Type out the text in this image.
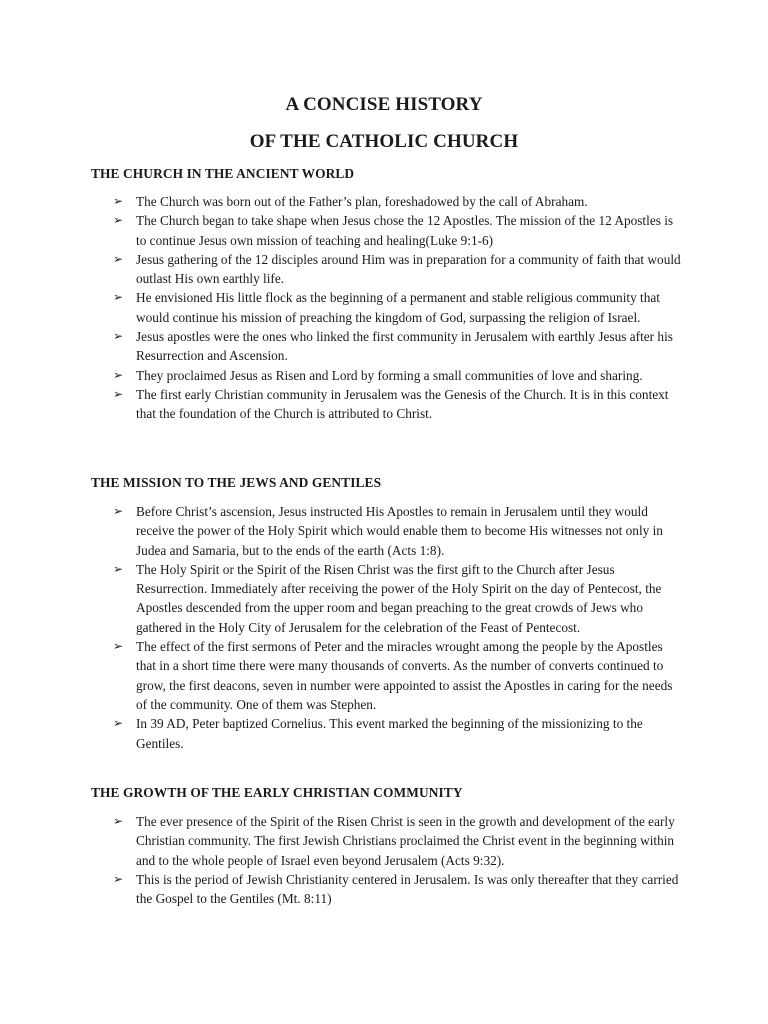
A CONCISE HISTORY
OF THE CATHOLIC CHURCH
THE CHURCH IN THE ANCIENT WORLD
➢ The Church was born out of the Father’s plan, foreshadowed by the call of Abraham.
➢ The Church began to take shape when Jesus chose the 12 Apostles. The mission of the 12 Apostles is to continue Jesus own mission of teaching and healing(Luke 9:1-6)
➢ Jesus gathering of the 12 disciples around Him was in preparation for a community of faith that would outlast His own earthly life.
➢ He envisioned His little flock as the beginning of a permanent and stable religious community that would continue his mission of preaching the kingdom of God, surpassing the religion of Israel.
➢ Jesus apostles were the ones who linked the first community in Jerusalem with earthly Jesus after his Resurrection and Ascension.
➢ They proclaimed Jesus as Risen and Lord by forming a small communities of love and sharing.
➢ The first early Christian community in Jerusalem was the Genesis of the Church. It is in this context that the foundation of the Church is attributed to Christ.
THE MISSION TO THE JEWS AND GENTILES
➢ Before Christ’s ascension, Jesus instructed His Apostles to remain in Jerusalem until they would receive the power of the Holy Spirit which would enable them to become His witnesses not only in Judea and Samaria, but to the ends of the earth (Acts 1:8).
➢ The Holy Spirit or the Spirit of the Risen Christ was the first gift to the Church after Jesus Resurrection. Immediately after receiving the power of the Holy Spirit on the day of Pentecost, the Apostles descended from the upper room and began preaching to the great crowds of Jews who gathered in the Holy City of Jerusalem for the celebration of the Feast of Pentecost.
➢ The effect of the first sermons of Peter and the miracles wrought among the people by the Apostles that in a short time there were many thousands of converts. As the number of converts continued to grow, the first deacons, seven in number were appointed to assist the Apostles in caring for the needs of the community. One of them was Stephen.
➢ In 39 AD, Peter baptized Cornelius. This event marked the beginning of the missionizing to the Gentiles.
THE GROWTH OF THE EARLY CHRISTIAN COMMUNITY
➢ The ever presence of the Spirit of the Risen Christ is seen in the growth and development of the early Christian community. The first Jewish Christians proclaimed the Christ event in the beginning within and to the whole people of Israel even beyond Jerusalem (Acts 9:32).
➢ This is the period of Jewish Christianity centered in Jerusalem. Is was only thereafter that they carried the Gospel to the Gentiles (Mt. 8:11)
